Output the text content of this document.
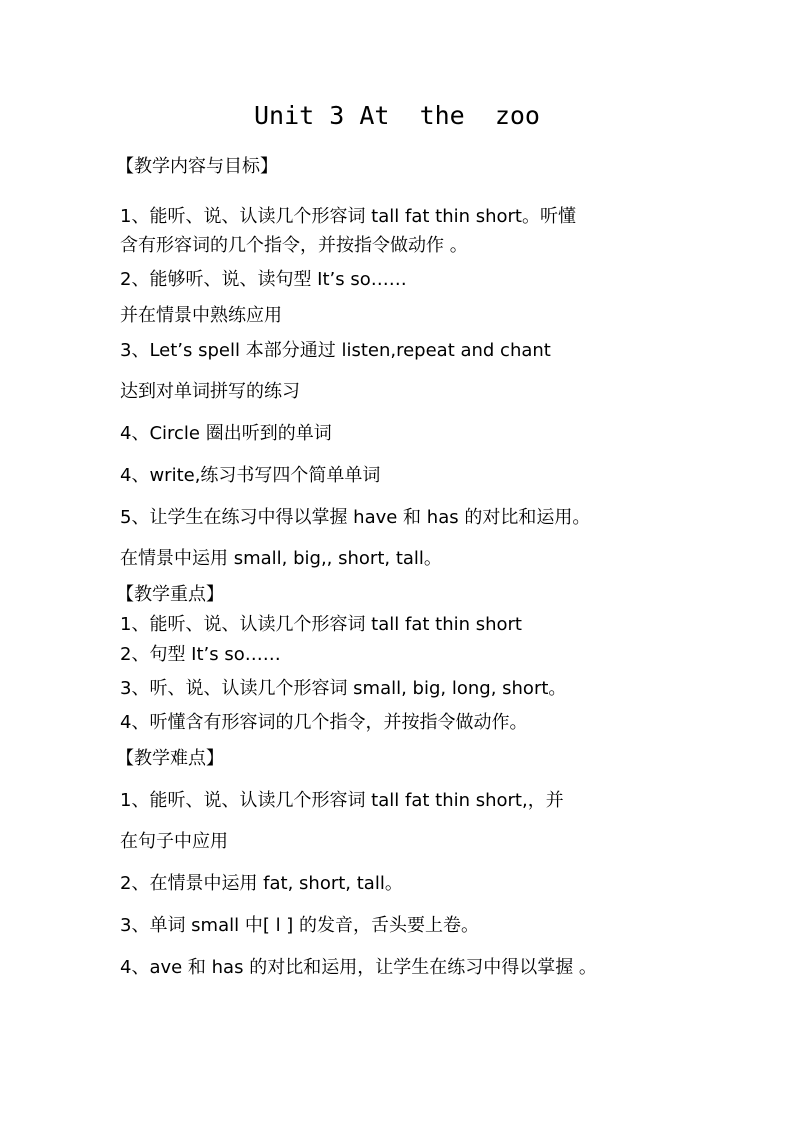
Unit 3 At  the  zoo
【教学内容与目标】
1、能听、说、认读几个形容词 tall fat thin short。听懂
含有形容词的几个指令，并按指令做动作 。
2、能够听、说、读句型 It’s so……
并在情景中熟练应用
3、Let’s spell 本部分通过 listen,repeat and chant
达到对单词拼写的练习
4、Circle 圈出听到的单词
4、write,练习书写四个简单单词
5、让学生在练习中得以掌握 have 和 has 的对比和运用。
在情景中运用 small, big,, short, tall。
【教学重点】
1、能听、说、认读几个形容词 tall fat thin short
2、句型 It’s so……
3、听、说、认读几个形容词 small, big, long, short。
4、听懂含有形容词的几个指令，并按指令做动作。
【教学难点】
1、能听、说、认读几个形容词 tall fat thin short,，并
在句子中应用
2、在情景中运用 fat, short, tall。
3、单词 small 中[ l ] 的发音，舌头要上卷。
4、ave 和 has 的对比和运用，让学生在练习中得以掌握 。
